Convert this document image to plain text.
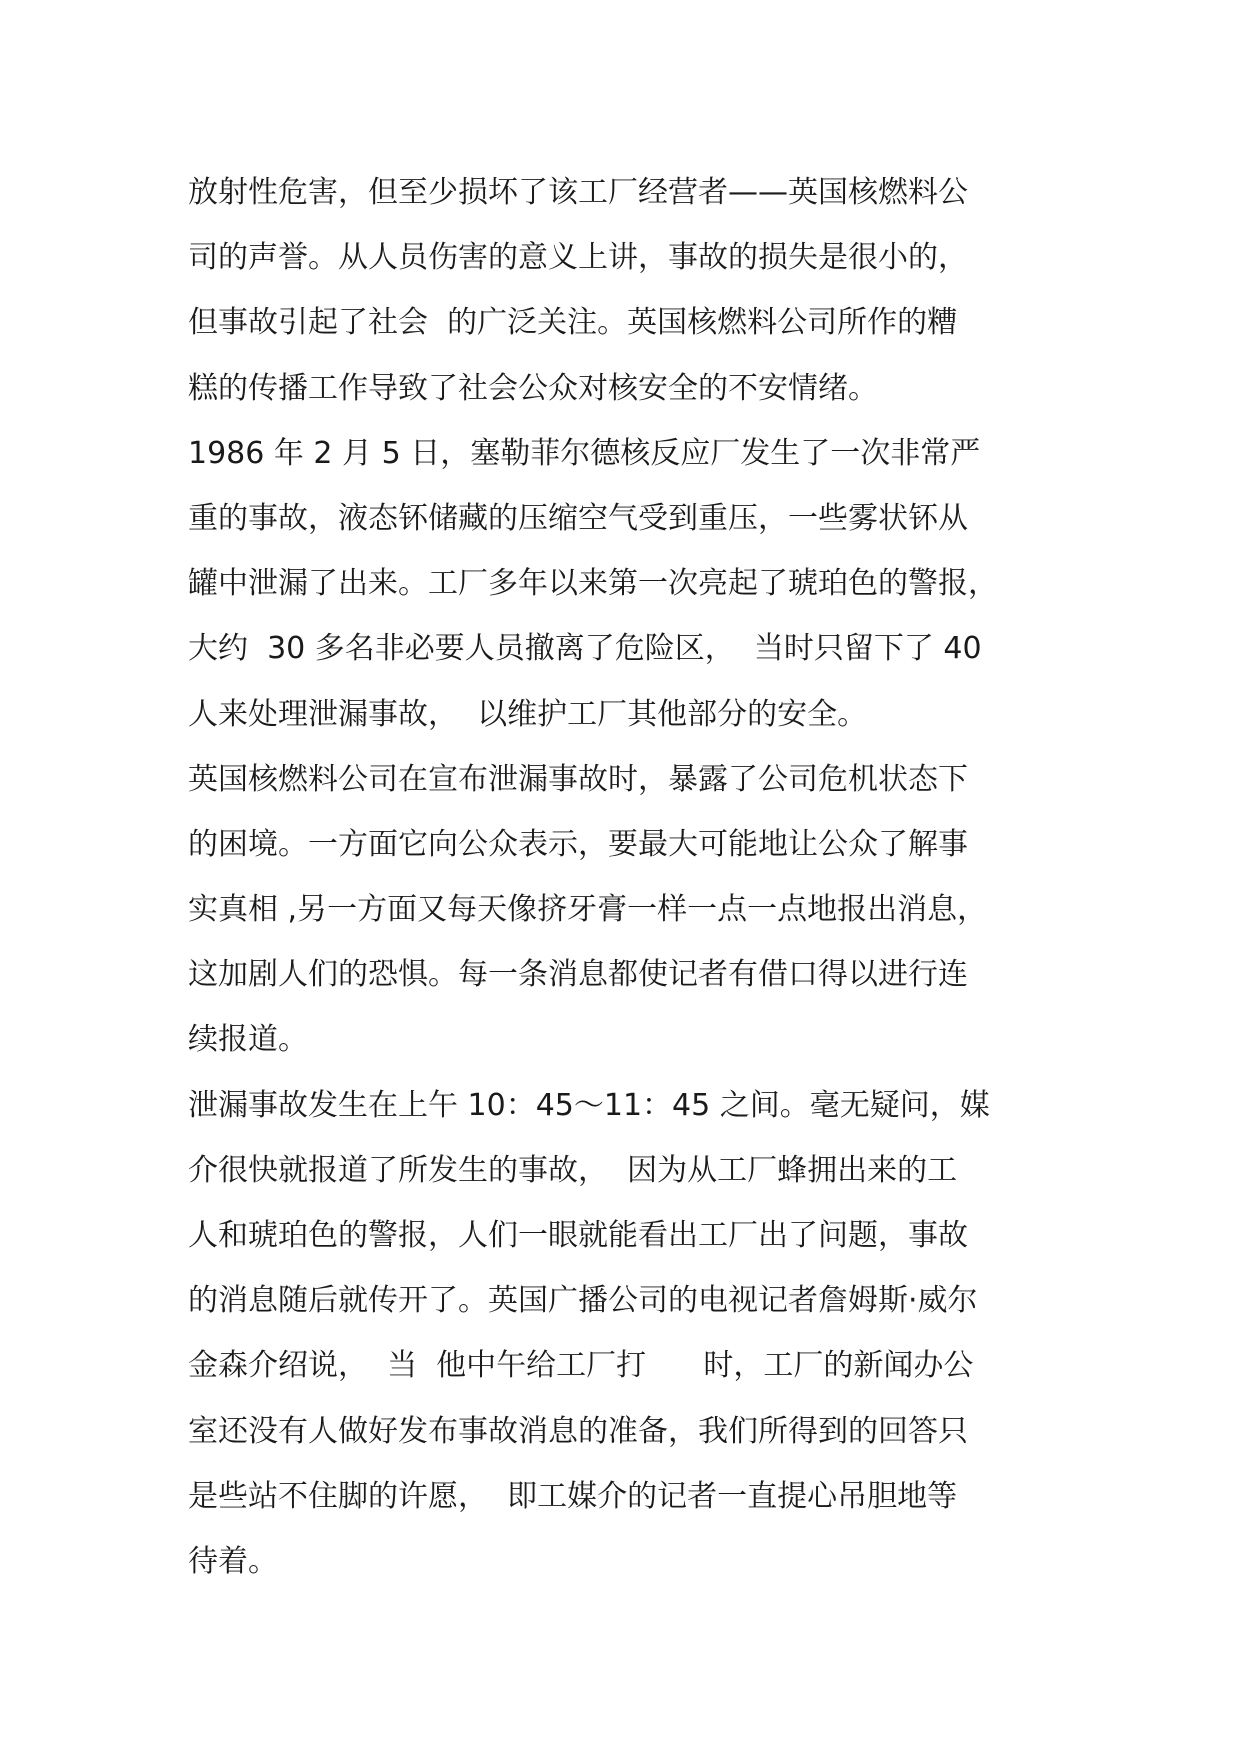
放射性危害，但至少损坏了该工厂经营者——英国核燃料公
司的声誉。从人员伤害的意义上讲，事故的损失是很小的，
但事故引起了社会  的广泛关注。英国核燃料公司所作的糟
糕的传播工作导致了社会公众对核安全的不安情绪。
1986 年 2 月 5 日，塞勒菲尔德核反应厂发生了一次非常严
重的事故，液态钚储藏的压缩空气受到重压，一些雾状钚从
罐中泄漏了出来。工厂多年以来第一次亮起了琥珀色的警报，
大约  30 多名非必要人员撤离了危险区，  当时只留下了 40
人来处理泄漏事故，  以维护工厂其他部分的安全。
英国核燃料公司在宣布泄漏事故时，暴露了公司危机状态下
的困境。一方面它向公众表示，要最大可能地让公众了解事
实真相 ,另一方面又每天像挤牙膏一样一点一点地报出消息，
这加剧人们的恐惧。每一条消息都使记者有借口得以进行连
续报道。
泄漏事故发生在上午 10：45～11：45 之间。毫无疑问，媒
介很快就报道了所发生的事故，  因为从工厂蜂拥出来的工
人和琥珀色的警报，人们一眼就能看出工厂出了问题，事故
的消息随后就传开了。英国广播公司的电视记者詹姆斯·威尔
金森介绍说，  当  他中午给工厂打      时，工厂的新闻办公
室还没有人做好发布事故消息的准备，我们所得到的回答只
是些站不住脚的许愿，  即工媒介的记者一直提心吊胆地等
待着。
